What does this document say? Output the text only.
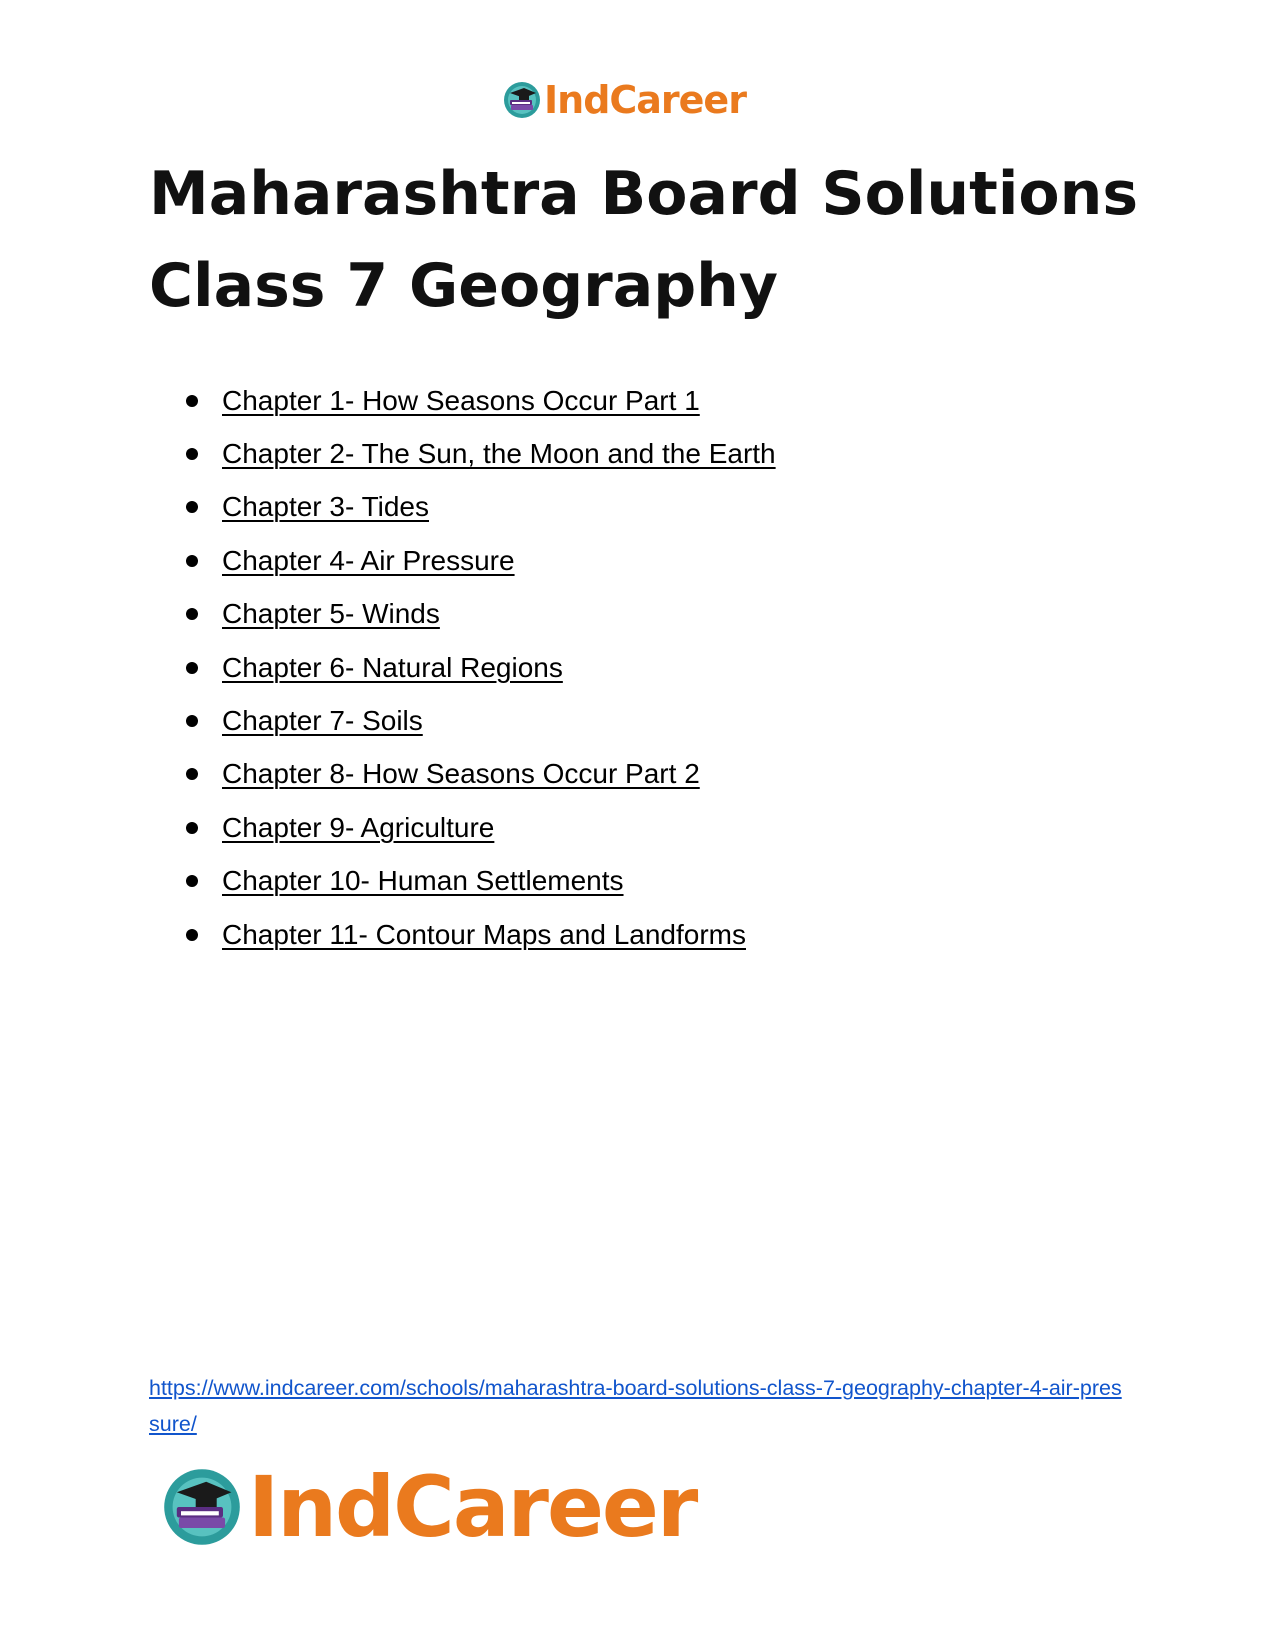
IndCareer
Maharashtra Board Solutions
Class 7 Geography
Chapter 1- How Seasons Occur Part 1
Chapter 2- The Sun, the Moon and the Earth
Chapter 3- Tides
Chapter 4- Air Pressure
Chapter 5- Winds
Chapter 6- Natural Regions
Chapter 7- Soils
Chapter 8- How Seasons Occur Part 2
Chapter 9- Agriculture
Chapter 10- Human Settlements
Chapter 11- Contour Maps and Landforms
https://www.indcareer.com/schools/maharashtra-board-solutions-class-7-geography-chapter-4-air-pressure/
IndCareer
